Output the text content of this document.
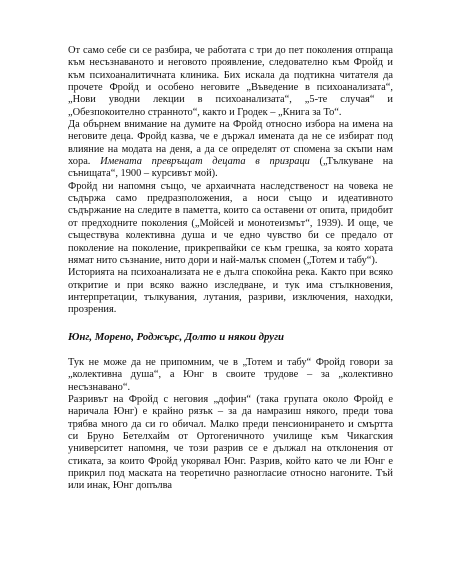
От само себе си се разбира, че работата с три до пет поколения отпраща към несъзнаваното и неговото проявление, следователно към Фройд и към психоаналитичната клиника. Бих искала да подтикна читателя да прочете Фройд и особено неговите „Въведение в психоанализата“, „Нови уводни лекции в психоанализата“, „5-те случая“ и „Обезпокоително странното“, както и Гродек – „Книга за То“.

Да обърнем внимание на думите на Фройд относно избора на имена на неговите деца. Фройд казва, че е държал имената да не се избират под влияние на модата на деня, а да се определят от спомена за скъпи нам хора. Имената превръщат децата в призраци („Тълкуване на сънищата“, 1900 – курсивът мой).

Фройд ни напомня също, че архаичната наследственост на човека не съдържа само предразположения, а носи също и идеативното съдържание на следите в паметта, които са оставени от опита, придобит от предходните поколения („Мойсей и монотеизмът“, 1939). И още, че съществува колективна душа и че едно чувство би се предало от поколение на поколение, прикрепвайки се към грешка, за която хората нямат нито съзнание, нито дори и най-малък спомен („Тотем и табу“).

Историята на психоанализата не е дълга спокойна река. Както при всяко откритие и при всяко важно изследване, и тук има стълкновения, интерпретации, тълкувания, лутания, разриви, изключения, находки, прозрения.

Юнг, Морено, Роджърс, Долто и някои други

Тук не може да не припомним, че в „Тотем и табу“ Фройд говори за „колективна душа“, а Юнг в своите трудове – за „колективно несъзнавано“.

Разривът на Фройд с неговия „дофин“ (така групата около Фройд е наричала Юнг) е крайно рязък – за да намразиш някого, преди това трябва много да си го обичал. Малко преди пенсионирането и смъртта си Бруно Бетелхайм от Ортогеничното училище към Чикагския университет напомня, че този разрив се е дължал на отклонения от стиката, за които Фройд укорявал Юнг. Разрив, който като че ли Юнг е прикрил под маската на теоретично разногласие относно нагоните. Тъй или инак, Юнг допълва
